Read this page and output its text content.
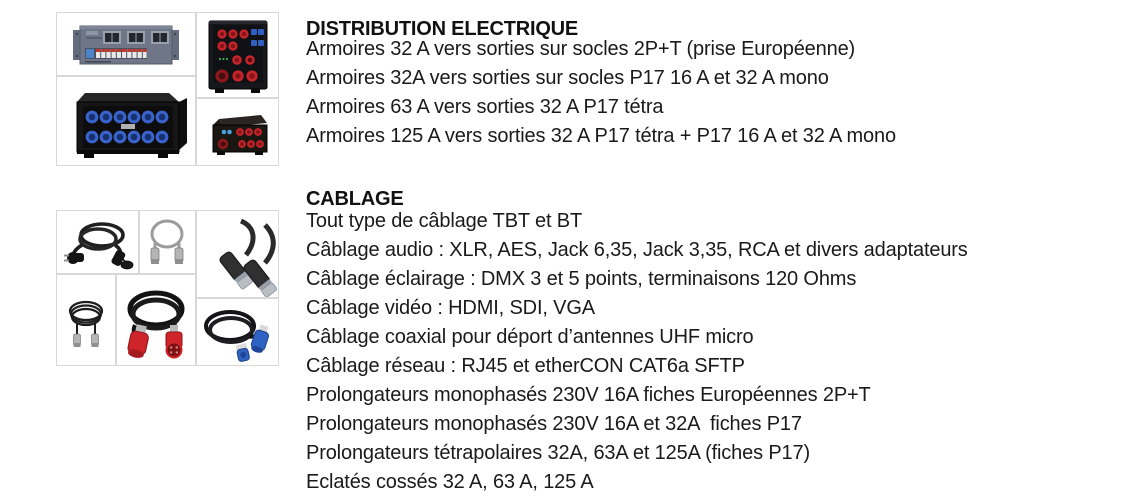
DISTRIBUTION ELECTRIQUE
Armoires 32 A vers sorties sur socles 2P+T (prise Européenne)
Armoires 32A vers sorties sur socles P17 16 A et 32 A mono
Armoires 63 A vers sorties 32 A P17 tétra
Armoires 125 A vers sorties 32 A P17 tétra + P17 16 A et 32 A mono
CABLAGE
Tout type de câblage TBT et BT
Câblage audio : XLR, AES, Jack 6,35, Jack 3,35, RCA et divers adaptateurs
Câblage éclairage : DMX 3 et 5 points, terminaisons 120 Ohms
Câblage vidéo : HDMI, SDI, VGA
Câblage coaxial pour déport d’antennes UHF micro
Câblage réseau : RJ45 et etherCON CAT6a SFTP
Prolongateurs monophasés 230V 16A fiches Européennes 2P+T
Prolongateurs monophasés 230V 16A et 32A  fiches P17
Prolongateurs tétrapolaires 32A, 63A et 125A (fiches P17)
Eclatés cossés 32 A, 63 A, 125 A
